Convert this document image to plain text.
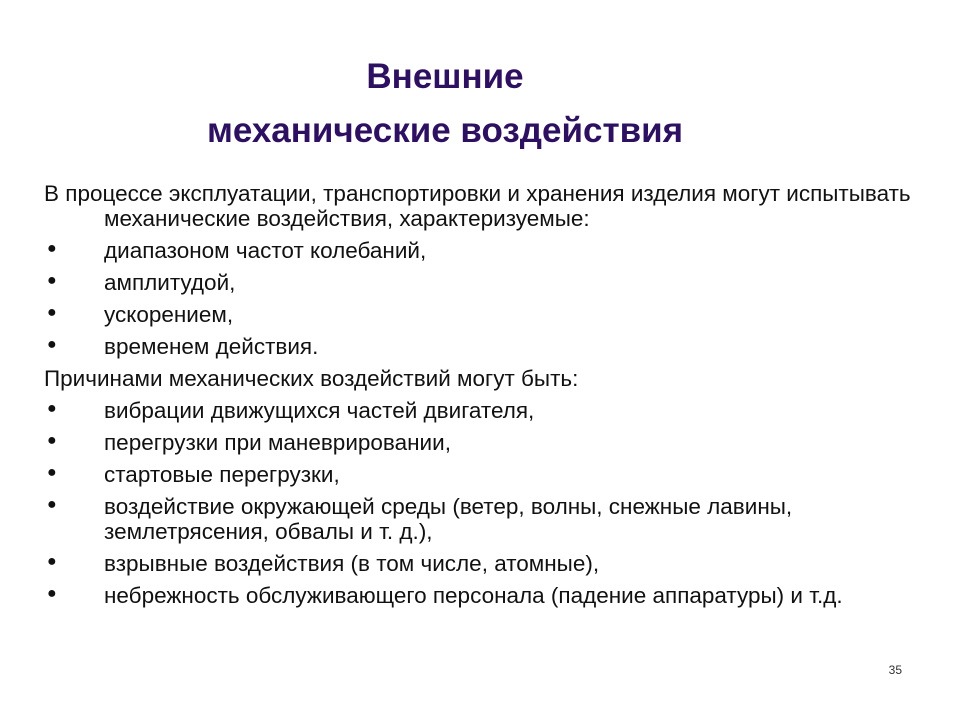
Внешние
механические воздействия
В процессе эксплуатации, транспортировки и хранения изделия могут испытывать механические воздействия, характеризуемые:
● диапазоном частот колебаний,
● амплитудой,
● ускорением,
● временем действия.
Причинами механических воздействий могут быть:
● вибрации движущихся частей двигателя,
● перегрузки при маневрировании,
● стартовые перегрузки,
● воздействие окружающей среды (ветер, волны, снежные лавины, землетрясения, обвалы и т. д.),
● взрывные воздействия (в том числе, атомные),
● небрежность обслуживающего персонала (падение аппаратуры) и т.д.
35
